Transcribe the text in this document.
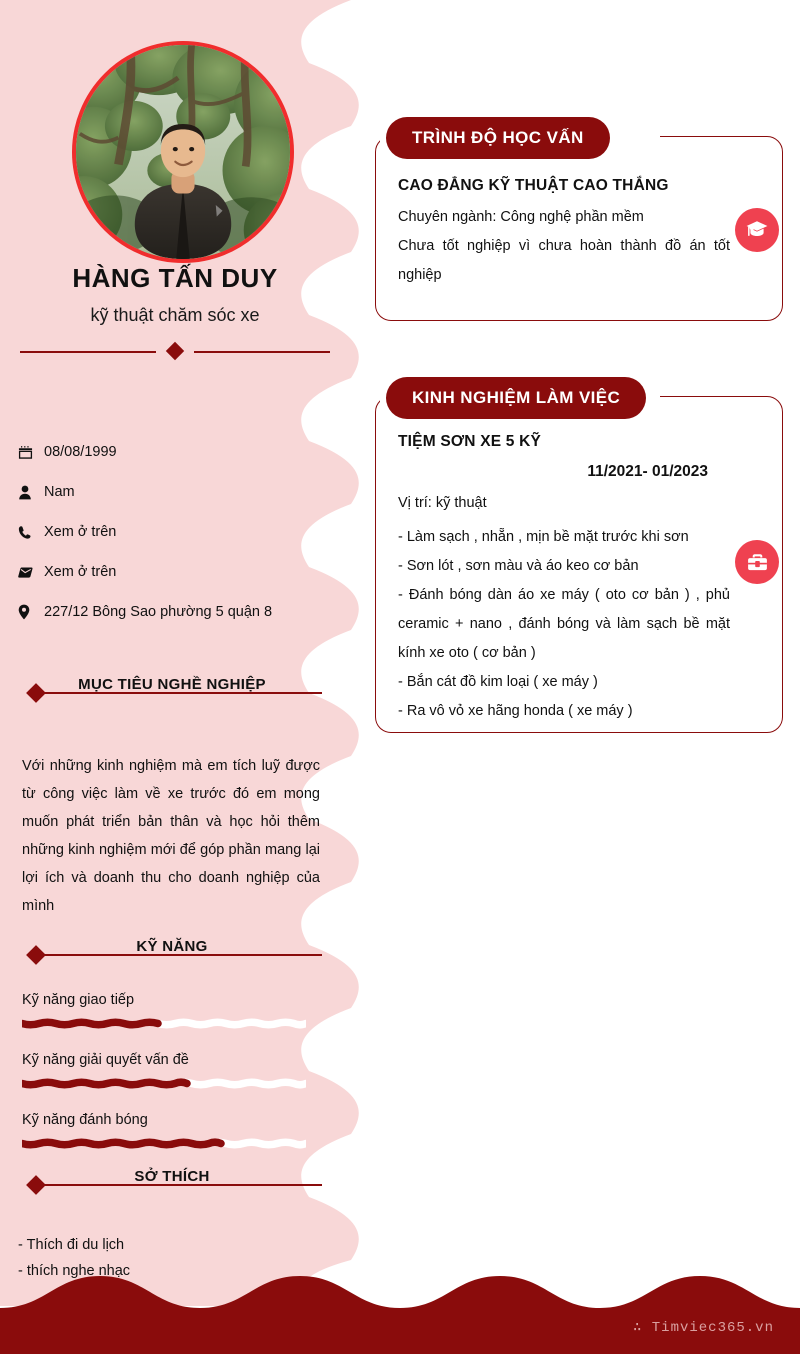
HÀNG TẤN DUY
kỹ thuật chăm sóc xe
08/08/1999
Nam
Xem ở trên
Xem ở trên
227/12 Bông Sao phường 5 quận 8
MỤC TIÊU NGHỀ NGHIỆP
Với những kinh nghiệm mà em tích luỹ được từ công việc làm về xe trước đó em mong muốn phát triển bản thân và học hỏi thêm những kinh nghiệm mới để góp phần mang lại lợi ích và doanh thu cho doanh nghiệp của mình
KỸ NĂNG
Kỹ năng giao tiếp
Kỹ năng giải quyết vấn đề
Kỹ năng đánh bóng
SỞ THÍCH
- Thích đi du lịch
- thích nghe nhạc
CAO ĐẲNG KỸ THUẬT CAO THẮNG
Chuyên ngành: Công nghệ phần mềm
Chưa tốt nghiệp vì chưa hoàn thành đồ án tốt nghiệp
TRÌNH ĐỘ HỌC VẤN
TIỆM SƠN XE 5 KỸ
11/2021- 01/2023
Vị trí: kỹ thuật
- Làm sạch , nhẵn , mịn bề mặt trước khi sơn
- Sơn lót , sơn màu và áo keo cơ bản
- Đánh bóng dàn áo xe máy ( oto cơ bản ) , phủ ceramic + nano , đánh bóng và làm sạch bề mặt kính xe oto ( cơ bản )
- Bắn cát đồ kim loại ( xe máy )
- Ra vô vỏ xe hãng honda ( xe máy )
KINH NGHIỆM LÀM VIỆC
∴ Timviec365.vn
